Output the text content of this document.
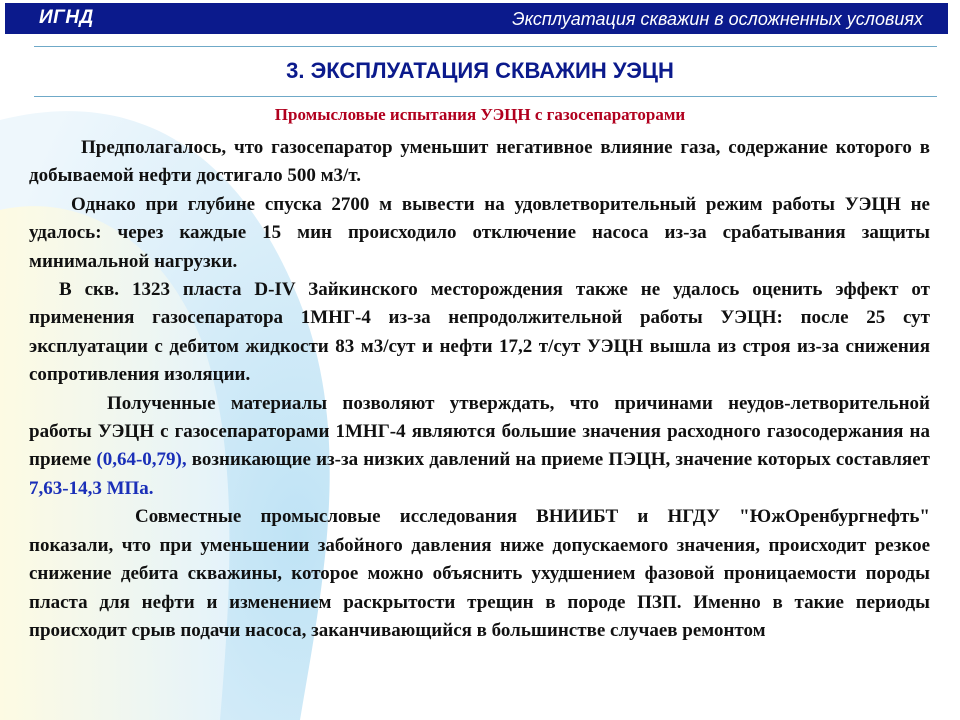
ИГНД	Эксплуатация скважин в осложненных условиях
3. ЭКСПЛУАТАЦИЯ СКВАЖИН УЭЦН
Промысловые испытания УЭЦН с газосепараторами

Предполагалось, что газосепаратор уменьшит негативное влияние газа, содержание которого в добываемой нефти достигало 500 м3/т.

Однако при глубине спуска 2700 м вывести на удовлетворительный режим работы УЭЦН не удалось: через каждые 15 мин происходило отключение насоса из-за срабатывания защиты минимальной нагрузки.

В скв. 1323 пласта D-IV Зайкинского месторождения также не удалось оценить эффект от применения газосепаратора 1МНГ-4 из-за непродолжительной работы УЭЦН: после 25 сут эксплуатации с дебитом жидкости 83 м3/сут и нефти 17,2 т/сут УЭЦН вышла из строя из-за снижения сопротивления изоляции.

Полученные материалы позволяют утверждать, что причинами неудов-летворительной работы УЭЦН с газосепараторами 1МНГ-4 являются большие значения расходного газосодержания на приеме (0,64-0,79), возникающие из-за низких давлений на приеме ПЭЦН, значение которых составляет 7,63-14,3 МПа.

Совместные промысловые исследования ВНИИБТ и НГДУ "ЮжОренбургнефть" показали, что при уменьшении забойного давления ниже допускаемого значения, происходит резкое снижение дебита скважины, которое можно объяснить ухудшением фазовой проницаемости породы пласта для нефти и изменением раскрытости трещин в породе ПЗП. Именно в такие периоды происходит срыв подачи насоса, заканчивающийся в большинстве случаев ремонтом
